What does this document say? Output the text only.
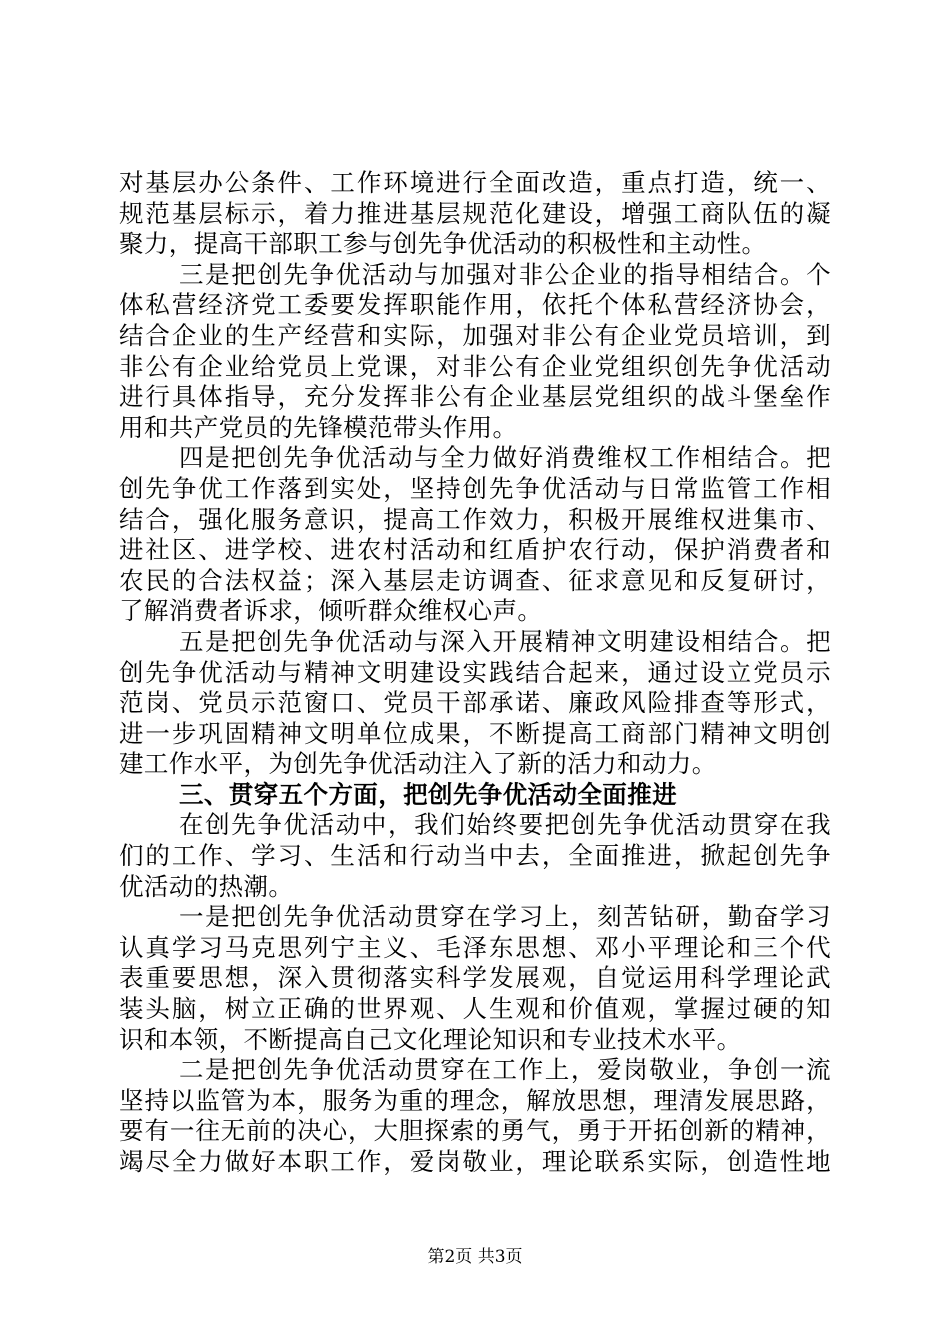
对基层办公条件、工作环境进行全面改造，重点打造，统一、
规范基层标示，着力推进基层规范化建设，增强工商队伍的凝
聚力，提高干部职工参与创先争优活动的积极性和主动性。
三是把创先争优活动与加强对非公企业的指导相结合。个
体私营经济党工委要发挥职能作用，依托个体私营经济协会，
结合企业的生产经营和实际，加强对非公有企业党员培训，到
非公有企业给党员上党课，对非公有企业党组织创先争优活动
进行具体指导，充分发挥非公有企业基层党组织的战斗堡垒作
用和共产党员的先锋模范带头作用。
四是把创先争优活动与全力做好消费维权工作相结合。把
创先争优工作落到实处，坚持创先争优活动与日常监管工作相
结合，强化服务意识，提高工作效力，积极开展维权进集市、
进社区、进学校、进农村活动和红盾护农行动，保护消费者和
农民的合法权益；深入基层走访调查、征求意见和反复研讨，
了解消费者诉求，倾听群众维权心声。
五是把创先争优活动与深入开展精神文明建设相结合。把
创先争优活动与精神文明建设实践结合起来，通过设立党员示
范岗、党员示范窗口、党员干部承诺、廉政风险排查等形式，
进一步巩固精神文明单位成果，不断提高工商部门精神文明创
建工作水平，为创先争优活动注入了新的活力和动力。
三、贯穿五个方面，把创先争优活动全面推进
在创先争优活动中，我们始终要把创先争优活动贯穿在我
们的工作、学习、生活和行动当中去，全面推进，掀起创先争
优活动的热潮。
一是把创先争优活动贯穿在学习上，刻苦钻研，勤奋学习
认真学习马克思列宁主义、毛泽东思想、邓小平理论和三个代
表重要思想，深入贯彻落实科学发展观，自觉运用科学理论武
装头脑，树立正确的世界观、人生观和价值观，掌握过硬的知
识和本领，不断提高自己文化理论知识和专业技术水平。
二是把创先争优活动贯穿在工作上，爱岗敬业，争创一流
坚持以监管为本，服务为重的理念，解放思想，理清发展思路，
要有一往无前的决心，大胆探索的勇气，勇于开拓创新的精神，
竭尽全力做好本职工作，爱岗敬业，理论联系实际，创造性地
第2页 共3页
